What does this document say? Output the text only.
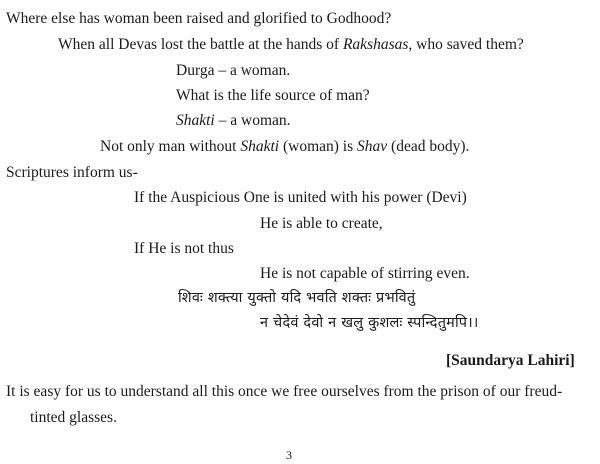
Where else has woman been raised and glorified to Godhood?
When all Devas lost the battle at the hands of Rakshasas, who saved them?
Durga – a woman.
What is the life source of man?
Shakti – a woman.
Not only man without Shakti (woman) is Shav (dead body).
Scriptures inform us-
If the Auspicious One is united with his power (Devi)
He is able to create,
If He is not thus
He is not capable of stirring even.
शिवः शक्त्या युक्तो यदि भवति शक्तः प्रभवितुं
न चेदेवं देवो न खलु कुशलः स्पन्दितुमपि।।
[Saundarya Lahiri]
It is easy for us to understand all this once we free ourselves from the prison of our freud-
tinted glasses.
3
